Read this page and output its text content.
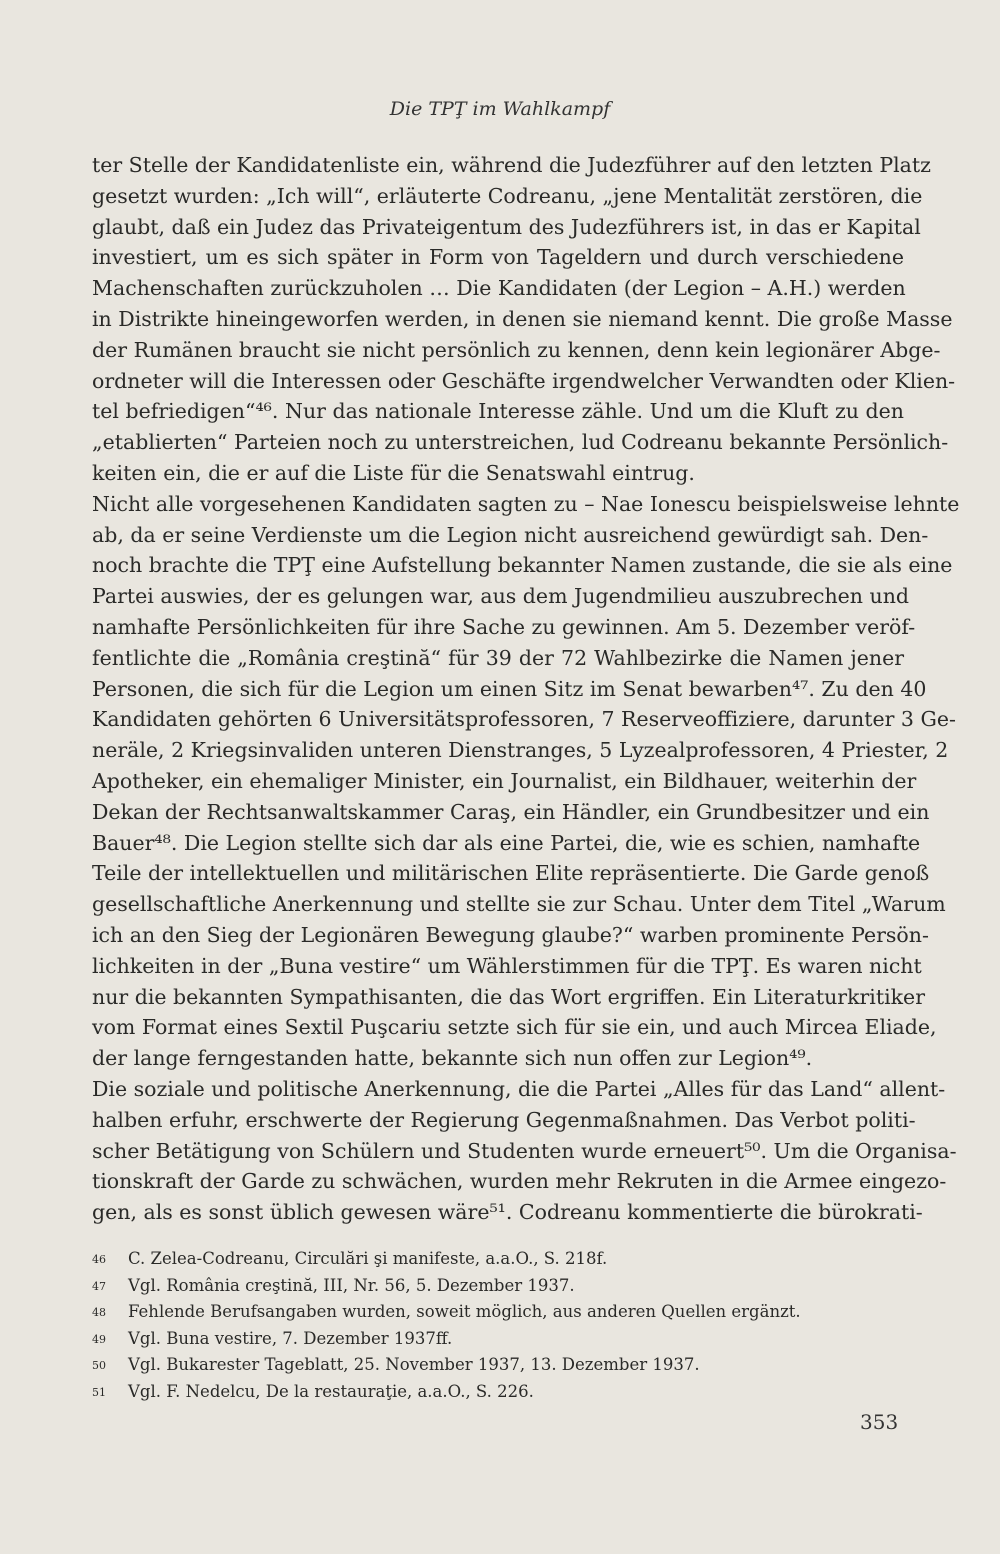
Die TPŢ im Wahlkampf
ter Stelle der Kandidatenliste ein, während die Judezführer auf den letzten Platz
gesetzt wurden: „Ich will“, erläuterte Codreanu, „jene Mentalität zerstören, die
glaubt, daß ein Judez das Privateigentum des Judezführers ist, in das er Kapital
investiert, um es sich später in Form von Tageldern und durch verschiedene
Machenschaften zurückzuholen … Die Kandidaten (der Legion – A.H.) werden
in Distrikte hineingeworfen werden, in denen sie niemand kennt. Die große Masse
der Rumänen braucht sie nicht persönlich zu kennen, denn kein legionärer Abge-
ordneter will die Interessen oder Geschäfte irgendwelcher Verwandten oder Klien-
tel befriedigen“⁴⁶. Nur das nationale Interesse zähle. Und um die Kluft zu den
„etablierten“ Parteien noch zu unterstreichen, lud Codreanu bekannte Persönlich-
keiten ein, die er auf die Liste für die Senatswahl eintrug.
Nicht alle vorgesehenen Kandidaten sagten zu – Nae Ionescu beispielsweise lehnte
ab, da er seine Verdienste um die Legion nicht ausreichend gewürdigt sah. Den-
noch brachte die TPŢ eine Aufstellung bekannter Namen zustande, die sie als eine
Partei auswies, der es gelungen war, aus dem Jugendmilieu auszubrechen und
namhafte Persönlichkeiten für ihre Sache zu gewinnen. Am 5. Dezember veröf-
fentlichte die „România creştină“ für 39 der 72 Wahlbezirke die Namen jener
Personen, die sich für die Legion um einen Sitz im Senat bewarben⁴⁷. Zu den 40
Kandidaten gehörten 6 Universitätsprofessoren, 7 Reserveoffiziere, darunter 3 Ge-
neräle, 2 Kriegsinvaliden unteren Dienstranges, 5 Lyzealprofessoren, 4 Priester, 2
Apotheker, ein ehemaliger Minister, ein Journalist, ein Bildhauer, weiterhin der
Dekan der Rechtsanwaltskammer Caraş, ein Händler, ein Grundbesitzer und ein
Bauer⁴⁸. Die Legion stellte sich dar als eine Partei, die, wie es schien, namhafte
Teile der intellektuellen und militärischen Elite repräsentierte. Die Garde genoß
gesellschaftliche Anerkennung und stellte sie zur Schau. Unter dem Titel „Warum
ich an den Sieg der Legionären Bewegung glaube?“ warben prominente Persön-
lichkeiten in der „Buna vestire“ um Wählerstimmen für die TPŢ. Es waren nicht
nur die bekannten Sympathisanten, die das Wort ergriffen. Ein Literaturkritiker
vom Format eines Sextil Puşcariu setzte sich für sie ein, und auch Mircea Eliade,
der lange ferngestanden hatte, bekannte sich nun offen zur Legion⁴⁹.
Die soziale und politische Anerkennung, die die Partei „Alles für das Land“ allent-
halben erfuhr, erschwerte der Regierung Gegenmaßnahmen. Das Verbot politi-
scher Betätigung von Schülern und Studenten wurde erneuert⁵⁰. Um die Organisa-
tionskraft der Garde zu schwächen, wurden mehr Rekruten in die Armee eingezo-
gen, als es sonst üblich gewesen wäre⁵¹. Codreanu kommentierte die bürokrati-
46	C. Zelea-Codreanu, Circulări şi manifeste, a.a.O., S. 218f.
47	Vgl. România creştină, III, Nr. 56, 5. Dezember 1937.
48	Fehlende Berufsangaben wurden, soweit möglich, aus anderen Quellen ergänzt.
49	Vgl. Buna vestire, 7. Dezember 1937ff.
50	Vgl. Bukarester Tageblatt, 25. November 1937, 13. Dezember 1937.
51	Vgl. F. Nedelcu, De la restauraţie, a.a.O., S. 226.
353
